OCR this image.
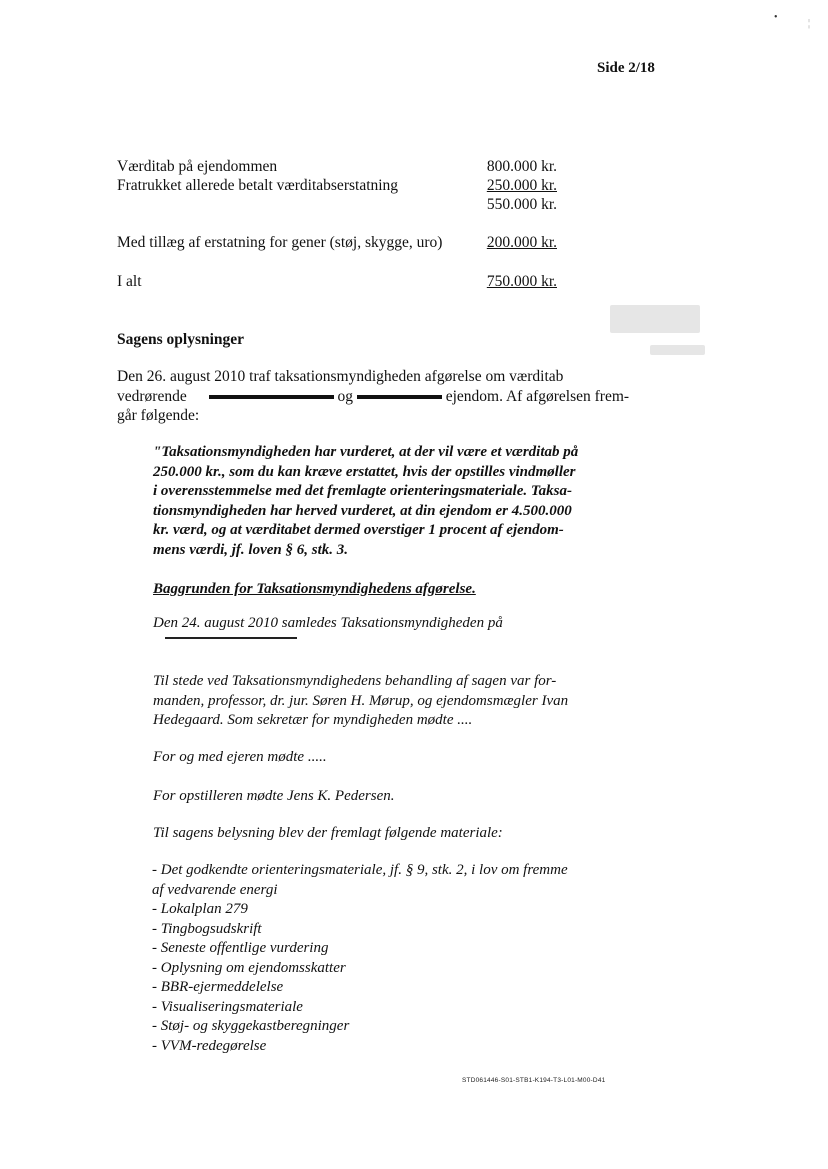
•
¦
Side 2/18
Værditab på ejendommen	800.000 kr.
Fratrukket allerede betalt værditabserstatning	250.000 kr.
550.000 kr.
Med tillæg af erstatning for gener (støj, skygge, uro)	200.000 kr.
I alt	750.000 kr.
Sagens oplysninger
Den 26. august 2010 traf taksationsmyndigheden afgørelse om værditab
vedrørende	og	ejendom. Af afgørelsen frem-
går følgende:
"Taksationsmyndigheden har vurderet, at der vil være et værditab på
250.000 kr., som du kan kræve erstattet, hvis der opstilles vindmøller
i overensstemmelse med det fremlagte orienteringsmateriale. Taksa-
tionsmyndigheden har herved vurderet, at din ejendom er 4.500.000
kr. værd, og at værditabet dermed overstiger 1 procent af ejendom-
mens værdi, jf. loven § 6, stk. 3.
Baggrunden for Taksationsmyndighedens afgørelse.
Den 24. august 2010 samledes Taksationsmyndigheden på
Til stede ved Taksationsmyndighedens behandling af sagen var for-
manden, professor, dr. jur. Søren H. Mørup, og ejendomsmægler Ivan
Hedegaard. Som sekretær for myndigheden mødte ....
For og med ejeren mødte .....
For opstilleren mødte Jens K. Pedersen.
Til sagens belysning blev der fremlagt følgende materiale:
- Det godkendte orienteringsmateriale, jf. § 9, stk. 2, i lov om fremme
af vedvarende energi
- Lokalplan 279
- Tingbogsudskrift
- Seneste offentlige vurdering
- Oplysning om ejendomsskatter
- BBR-ejermeddelelse
- Visualiseringsmateriale
- Støj- og skyggekastberegninger
- VVM-redegørelse
STD061446-S01-STB1-K194-T3-L01-M00-D41
